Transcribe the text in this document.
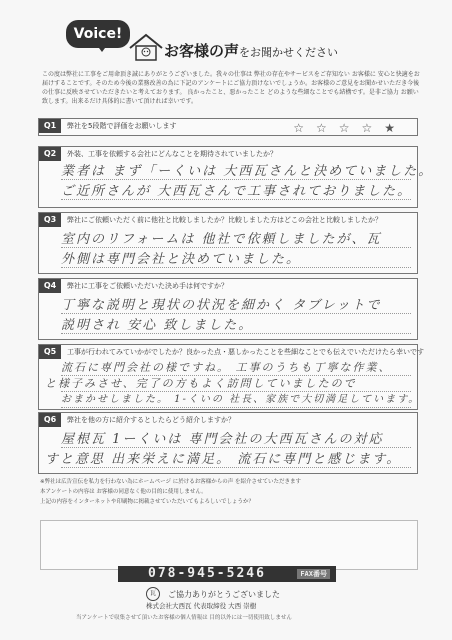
Voice!
お客様の声をお聞かせください
この度は弊社に工事をご用命頂き誠にありがとうございました。我々の仕事は 弊社の存在やサービスをご存知ない お客様に 安心と快適をお届けすることです。そのため今後の業務改善の為に下記のアンケートにご協力頂けないでしょうか。お客様のご意見をお聞かせいただき今後の仕事に反映させていただきたいと考えております。 良かったこと、悪かったこと どのような些細なことでも結構です。是非ご協力 お願い致します。出来るだけ具体的に書いて頂ければ幸いです。
Q1	弊社を5段階で評価をお願いします	☆☆☆☆★
Q2	外装、工事を依頼する会社にどんなことを期待されていましたか？
業者は まず「ーくいは 大西瓦さんと決めていました。
ご近所さんが 大西瓦さんで工事されておりました。
Q3	弊社にご依頼いただく前に他社と比較しましたか？比較しました方はどこの会社と比較しましたか？
室内のリフォームは 他社で依頼しましたが、瓦
外側は専門会社と決めていました。
Q4	弊社に工事をご依頼いただいた決め手は何ですか？
丁寧な説明と現状の状況を細かく タブレットで
説明され 安心 致しました。
Q5	工事が行われてみていかがでしたか？良かった点・悪しかったことを些細なことでも伝えでいただけたら幸いです
流石に専門会社の様ですね。 工事のうちも丁寧な作業、
と様子みさせ、完了の方もよく訪問していましたので
おまかせしました。 1-くいの 社長、家族で大切満足しています。
Q6	弊社を他の方に紹介するとしたらどう紹介しますか？
屋根瓦 1ーくいは 専門会社の大西瓦さんの対応
すと意思 出来栄えに満足。 流石に専門と感じます。
※弊社は広告宣伝を私力を行わない為にホームページ に於けるお客様からの声 を紹介させていただきます
本アンケートの内容は お客様の同意なく他の目的に使用しません。
上記の内容をインターネットや印刷物に掲載させていただいてもよろしいでしょうか？
078-945-5246	FAX番号
瓦	ご協力ありがとうございました
株式会社大西瓦 代表取締役 大西 崇樹
当アンケートで収集させて頂いたお客様の個人情報は 目的以外には一切使用致しません
